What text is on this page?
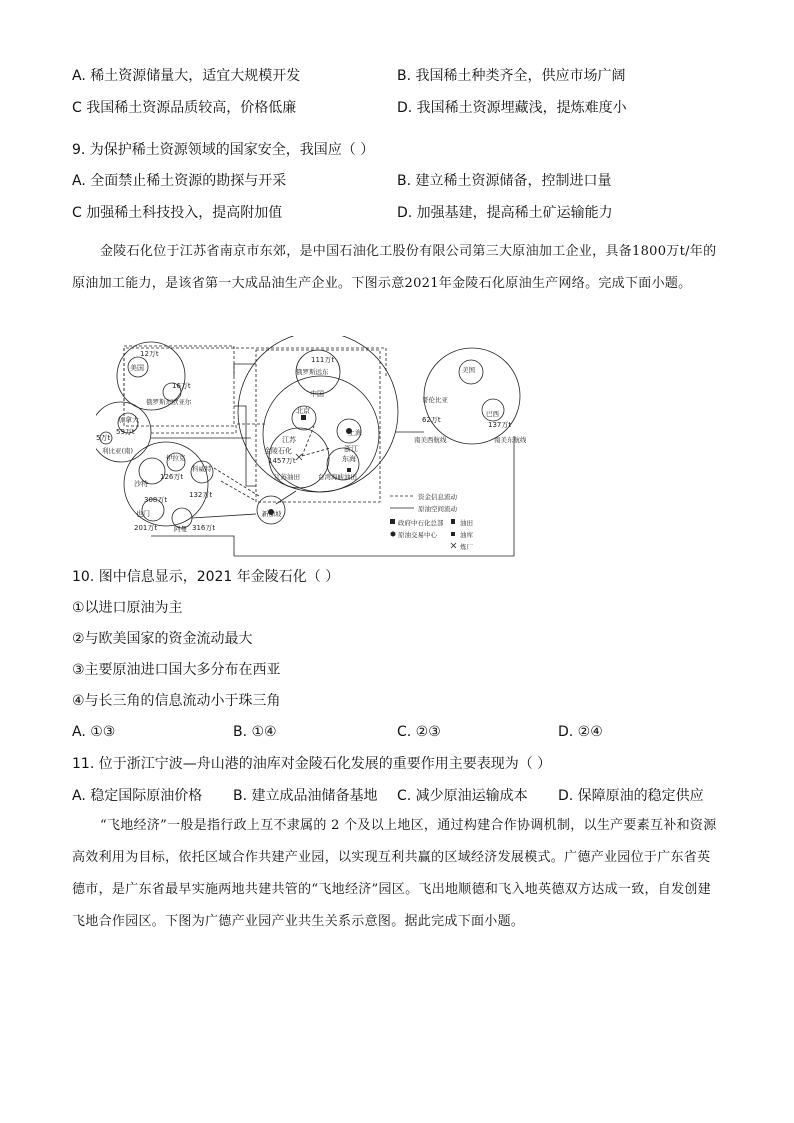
A. 稀土资源储量大，适宜大规模开发	B. 我国稀土种类齐全，供应市场广阔
C 我国稀土资源品质较高，价格低廉	D. 我国稀土资源埋藏浅，提炼难度小
9. 为保护稀土资源领域的国家安全，我国应（ ）
A. 全面禁止稀土资源的勘探与开采	B. 建立稀土资源储备，控制进口量
C 加强稀土科技投入，提高附加值	D. 加强基建，提高稀土矿运输能力
金陵石化位于江苏省南京市东郊，是中国石油化工股份有限公司第三大原油加工企业，具备1800万t/年的原油加工能力，是该省第一大成品油生产企业。下图示意2021年金陵石化原油生产网络。完成下面小题。
12万t
美国
16万t
俄罗斯东欧亚尔
加拿大
59万t
5万t
利比亚(南)
111万t
俄罗斯远东
中国
北京
上海
江苏
金陵石化
1457万t
浙江
东海
江苏油田	台湾海峡油田
伊拉克
126万t
科威特
132万t
沙特
308万t
也门
201万t	阿曼 316万t
新加坡
美国
哥伦比亚
62万t
巴西
137万t
南美西航线	南美东航线
资金信息流动
原油空间流动
政府中石化总部	油田
原油交易中心	油库
炼厂
10. 图中信息显示，2021 年金陵石化（ ）
①以进口原油为主
②与欧美国家的资金流动最大
③主要原油进口国大多分布在西亚
④与长三角的信息流动小于珠三角
A. ①③	B. ①④	C. ②③	D. ②④
11. 位于浙江宁波—舟山港的油库对金陵石化发展的重要作用主要表现为（ ）
A. 稳定国际原油价格 B. 建立成品油储备基地 C. 减少原油运输成本 D. 保障原油的稳定供应
“飞地经济”一般是指行政上互不隶属的 2 个及以上地区，通过构建合作协调机制，以生产要素互补和资源高效利用为目标，依托区域合作共建产业园，以实现互利共赢的区域经济发展模式。广德产业园位于广东省英德市，是广东省最早实施两地共建共管的“飞地经济”园区。飞出地顺德和飞入地英德双方达成一致，自发创建飞地合作园区。下图为广德产业园产业共生关系示意图。据此完成下面小题。
